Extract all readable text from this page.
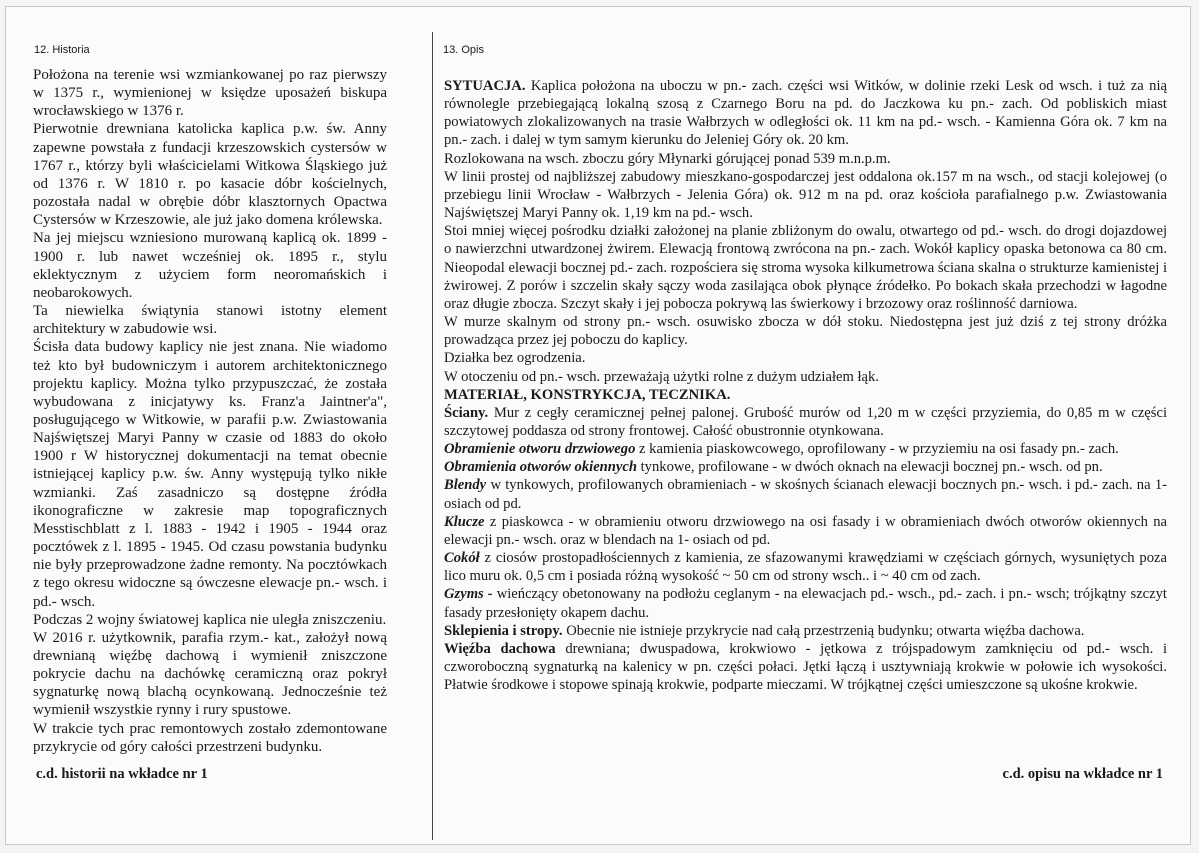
12. Historia	13. Opis

Położona na terenie wsi wzmiankowanej po raz pierwszy w 1375 r., wymienionej w księdze uposażeń biskupa wrocławskiego w 1376 r.

Pierwotnie drewniana katolicka kaplica p.w. św. Anny zapewne powstała z fundacji krzeszowskich cystersów w 1767 r., którzy byli właścicielami Witkowa Śląskiego już od 1376 r. W 1810 r. po kasacie dóbr kościelnych, pozostała nadal w obrębie dóbr klasztornych Opactwa Cystersów w Krzeszowie, ale już jako domena królewska.

Na jej miejscu wzniesiono murowaną kaplicą ok. 1899 - 1900 r. lub nawet wcześniej ok. 1895 r., stylu eklektycznym z użyciem form neoromańskich i neobarokowych.

Ta niewielka świątynia stanowi istotny element architektury w zabudowie wsi.

Ścisła data budowy kaplicy nie jest znana. Nie wiadomo też kto był budowniczym i autorem architektonicznego projektu kaplicy. Można tylko przypuszczać, że została wybudowana z inicjatywy ks. Franz'a Jaintner'a", posługującego w Witkowie, w parafii p.w. Zwiastowania Najświętszej Maryi Panny w czasie od 1883 do około 1900 r W historycznej dokumentacji na temat obecnie istniejącej kaplicy p.w. św. Anny występują tylko nikłe wzmianki. Zaś zasadniczo są dostępne źródła ikonograficzne w zakresie map topograficznych Messtischblatt z l. 1883 - 1942 i 1905 - 1944 oraz pocztówek z l. 1895 - 1945. Od czasu powstania budynku nie były przeprowadzone żadne remonty. Na pocztówkach z tego okresu widoczne są ówczesne elewacje pn.- wsch. i pd.- wsch.

Podczas 2 wojny światowej kaplica nie uległa zniszczeniu.

W 2016 r. użytkownik, parafia rzym.- kat., założył nową drewnianą więźbę dachową i wymienił zniszczone pokrycie dachu na dachówkę ceramiczną oraz pokrył sygnaturkę nową blachą ocynkowaną. Jednocześnie też wymienił wszystkie rynny i rury spustowe.

W trakcie tych prac remontowych zostało zdemontowane przykrycie od góry całości przestrzeni budynku.

c.d. historii na wkładce nr 1

SYTUACJA. Kaplica położona na uboczu w pn.- zach. części wsi Witków, w dolinie rzeki Lesk od wsch. i tuż za nią równolegle przebiegającą lokalną szosą z Czarnego Boru na pd. do Jaczkowa ku pn.- zach. Od pobliskich miast powiatowych zlokalizowanych na trasie Wałbrzych w odległości ok. 11 km na pd.- wsch. - Kamienna Góra ok. 7 km na pn.- zach. i dalej w tym samym kierunku do Jeleniej Góry ok. 20 km.

Rozlokowana na wsch. zboczu góry Młynarki górującej ponad 539 m.n.p.m.

W linii prostej od najbliższej zabudowy mieszkano-gospodarczej jest oddalona ok.157 m na wsch., od stacji kolejowej (o przebiegu linii Wrocław - Wałbrzych - Jelenia Góra) ok. 912 m na pd. oraz kościoła parafialnego p.w. Zwiastowania Najświętszej Maryi Panny ok. 1,19 km na pd.- wsch.

Stoi mniej więcej pośrodku działki założonej na planie zbliżonym do owalu, otwartego od pd.- wsch. do drogi dojazdowej o nawierzchni utwardzonej żwirem. Elewacją frontową zwrócona na pn.- zach. Wokół kaplicy opaska betonowa ca 80 cm. Nieopodal elewacji bocznej pd.- zach. rozpościera się stroma wysoka kilkumetrowa ściana skalna o strukturze kamienistej i żwirowej. Z porów i szczelin skały sączy woda zasilająca obok płynące źródełko. Po bokach skała przechodzi w łagodne oraz długie zbocza. Szczyt skały i jej pobocza pokrywą las świerkowy i brzozowy oraz roślinność darniowa.

W murze skalnym od strony pn.- wsch. osuwisko zbocza w dół stoku. Niedostępna jest już dziś z tej strony dróżka prowadząca przez jej poboczu do kaplicy.

Działka bez ogrodzenia.

W otoczeniu od pn.- wsch. przeważają użytki rolne z dużym udziałem łąk.

MATERIAŁ, KONSTRYKCJA, TECZNIKA.

Ściany. Mur z cegły ceramicznej pełnej palonej. Grubość murów od 1,20 m w części przyziemia, do 0,85 m w części szczytowej poddasza od strony frontowej. Całość obustronnie otynkowana.

Obramienie otworu drzwiowego z kamienia piaskowcowego, oprofilowany - w przyziemiu na osi fasady pn.- zach.

Obramienia otworów okiennych tynkowe, profilowane - w dwóch oknach na elewacji bocznej pn.- wsch. od pn.

Blendy w tynkowych, profilowanych obramieniach - w skośnych ścianach elewacji bocznych pn.- wsch. i pd.- zach. na 1- osiach od pd.

Klucze z piaskowca - w obramieniu otworu drzwiowego na osi fasady i w obramieniach dwóch otworów okiennych na elewacji pn.- wsch. oraz w blendach na 1- osiach od pd.

Cokół z ciosów prostopadłościennych z kamienia, ze sfazowanymi krawędziami w częściach górnych, wysuniętych poza lico muru ok. 0,5 cm i posiada różną wysokość ~ 50 cm od strony wsch.. i ~ 40 cm od zach.

Gzyms - wieńczący obetonowany na podłożu ceglanym - na elewacjach pd.- wsch., pd.- zach. i pn.- wsch; trójkątny szczyt fasady przesłonięty okapem dachu.

Sklepienia i stropy. Obecnie nie istnieje przykrycie nad całą przestrzenią budynku; otwarta więźba dachowa.

Więźba dachowa drewniana; dwuspadowa, krokwiowo - jętkowa z trójspadowym zamknięciu od pd.- wsch. i czworoboczną sygnaturką na kalenicy w pn. części połaci. Jętki łączą i usztywniają krokwie w połowie ich wysokości. Płatwie środkowe i stopowe spinają krokwie, podparte mieczami. W trójkątnej części umieszczone są ukośne krokwie.

c.d. opisu na wkładce nr 1
